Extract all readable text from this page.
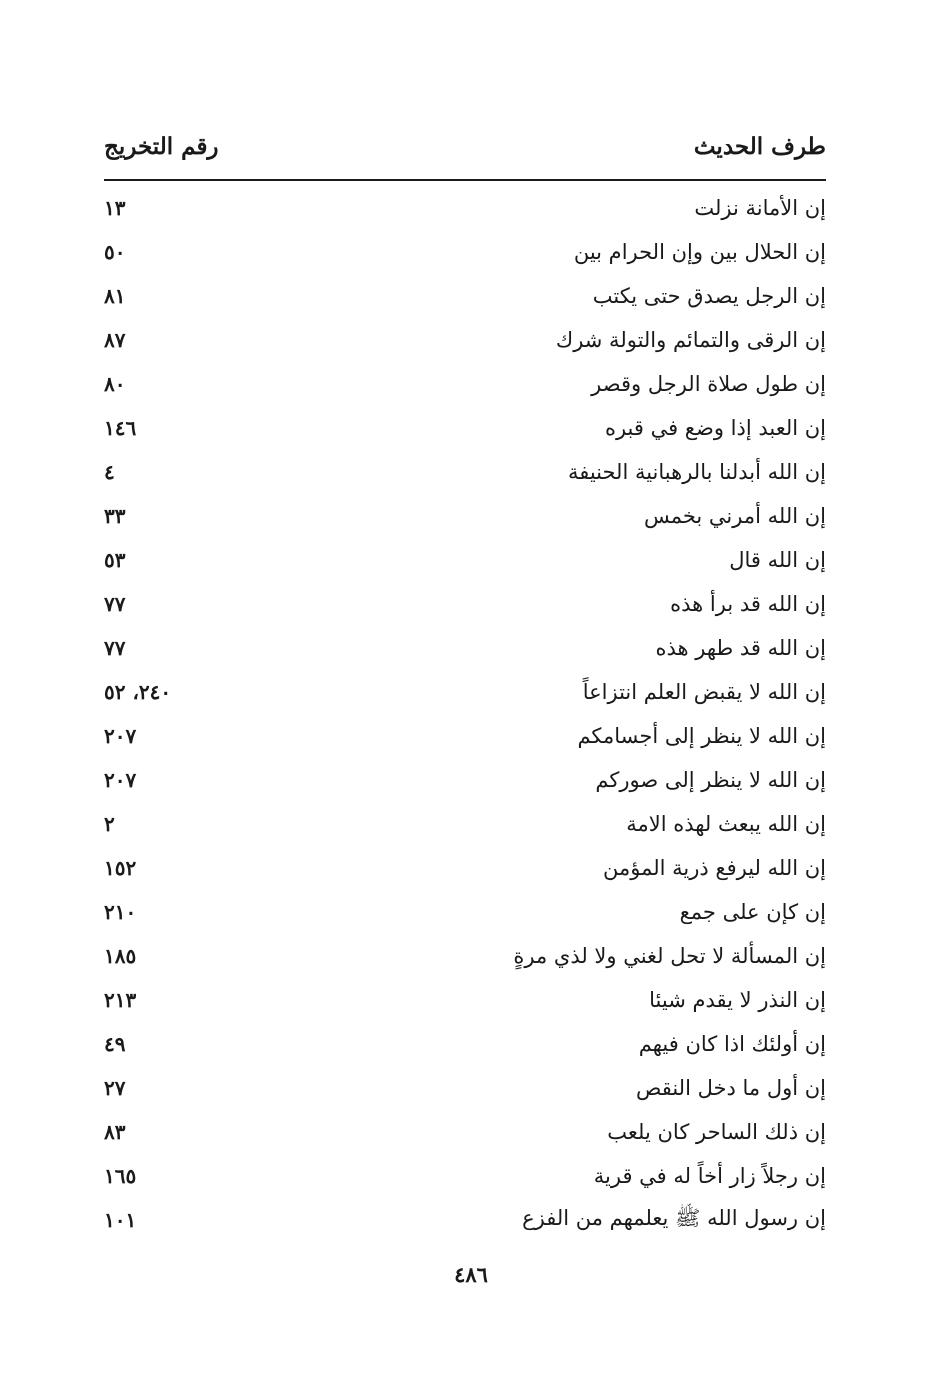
رقم التخريج	طرف الحديث
١٣	إن الأمانة نزلت
٥٠	إن الحلال بين وإن الحرام بين
٨١	إن الرجل يصدق حتى يكتب
٨٧	إن الرقى والتمائم والتولة شرك
٨٠	إن طول صلاة الرجل وقصر
١٤٦	إن العبد إذا وضع في قبره
٤	إن الله أبدلنا بالرهبانية الحنيفة
٣٣	إن الله أمرني بخمس
٥٣	إن الله قال
٧٧	إن الله قد برأ هذه
٧٧	إن الله قد طهر هذه
٢٤٠، ٥٢	إن الله لا يقبض العلم انتزاعاً
٢٠٧	إن الله لا ينظر إلى أجسامكم
٢٠٧	إن الله لا ينظر إلى صوركم
٢	إن الله يبعث لهذه الامة
١٥٢	إن الله ليرفع ذرية المؤمن
٢١٠	إن كإن على جمع
١٨٥	إن المسألة لا تحل لغني ولا لذي مرةٍ
٢١٣	إن النذر لا يقدم شيئا
٤٩	إن أولئك اذا كان فيهم
٢٧	إن أول ما دخل النقص
٨٣	إن ذلك الساحر كان يلعب
١٦٥	إن رجلاً زار أخاً له في قرية
١٠١	إن رسول الله ﷺ يعلمهم من الفزع
٤٨٦
